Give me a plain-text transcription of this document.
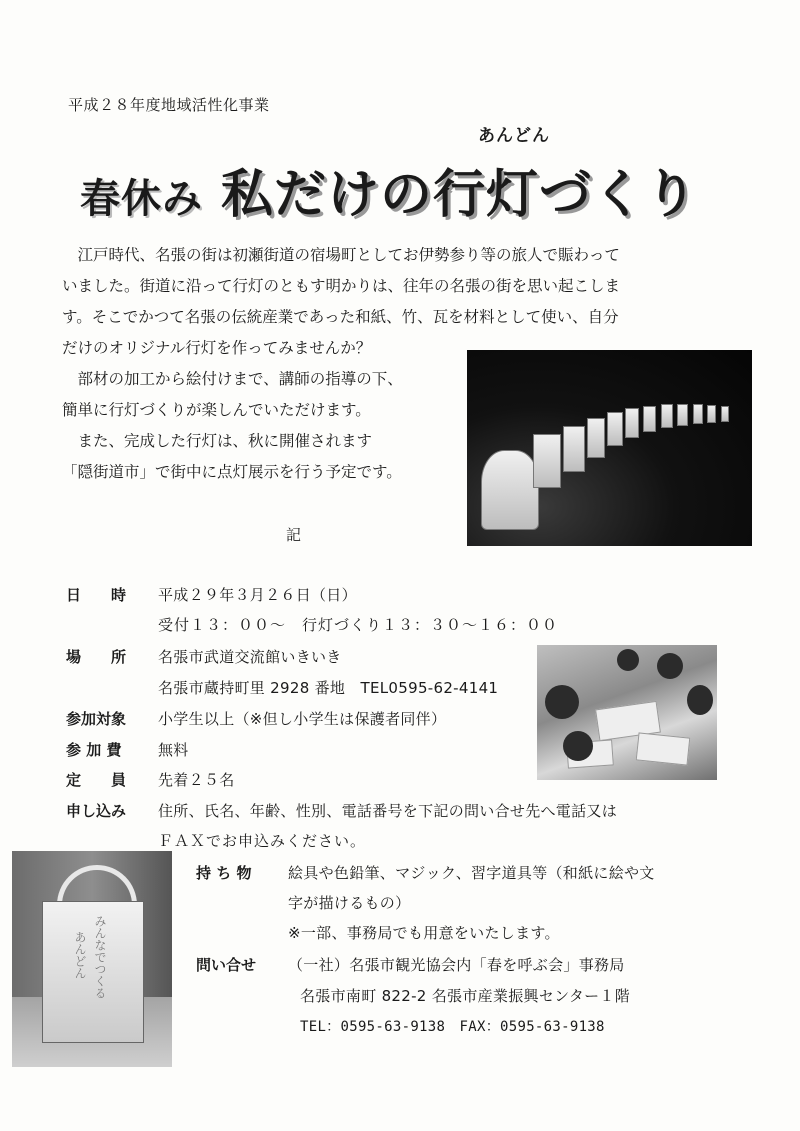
平成２８年度地域活性化事業
あんどん
春休み 私だけの行灯づくり
　江戸時代、名張の街は初瀬街道の宿場町としてお伊勢参り等の旅人で賑わって
いました。街道に沿って行灯のともす明かりは、往年の名張の街を思い起こしま
す。そこでかつて名張の伝統産業であった和紙、竹、瓦を材料として使い、自分
だけのオリジナル行灯を作ってみませんか？
　部材の加工から絵付けまで、講師の指導の下、
簡単に行灯づくりが楽しんでいただけます。
　また、完成した行灯は、秋に開催されます
「隠街道市」で街中に点灯展示を行う予定です。
記
日　　時 平成２９年３月２６日（日）
受付１３：００～　行灯づくり１３：３０～１６：００
場　　所 名張市武道交流館いきいき
名張市蔵持町里 2928 番地　TEL0595-62-4141
参加対象 小学生以上（※但し小学生は保護者同伴）
参 加 費 無料
定　　員 先着２５名
申し込み 住所、氏名、年齢、性別、電話番号を下記の問い合せ先へ電話又は
ＦＡＸでお申込みください。
みんなでつくる
あんどん
持 ち 物 絵具や色鉛筆、マジック、習字道具等（和紙に絵や文
字が描けるもの）
※一部、事務局でも用意をいたします。
問い合せ （一社）名張市観光協会内「春を呼ぶ会」事務局
名張市南町 822-2 名張市産業振興センター１階
TEL：0595-63-9138　FAX：0595-63-9138
